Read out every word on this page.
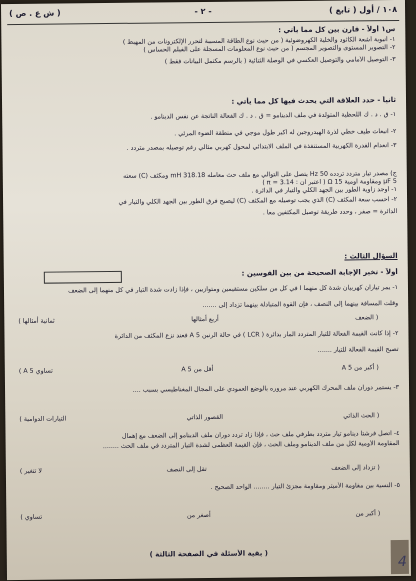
١٠٨ / أول ( تابع )
- ٢ -
( ش ع . ص )
س١ أولاً - قارن بين كل مما يأتي :
١- أنبوبة أشعة الكاثود والخلية الكهروضوئية ( من حيث نوع الطاقة المسببة لتحرر الإلكترونات من المهبط )
٢- التصوير المستوى والتصوير المجسم ( من حيث نوع المعلومات المسجلة على الفيلم الحساس )
٣- التوصيل الأمامي والتوصيل العكسي في الوصلة الثنائية ( بالرسم مكتمل البيانات فقط )
ثانياً - حدد العلاقة التي يحدث فيها كل مما يأتي :
١- ق . د . ك اللحظية المتولدة في ملف الدينامو = ق . د . ك الفعالة الناتجة عن نفس الدينامو .
٢- انبعاث طيف خطي لذرة الهيدروجين له أكبر طول موجي في منطقة الضوء المرئي .
٣- انعدام القدرة الكهربية المستنفذة في الملف الابتدائي لمحول كهربي مثالي رغم توصيله بمصدر متردد .
ج) مصدر تيار متردد تردده 50 Hz يتصل على التوالي مع ملف حث معامله 318.18 mH ومكثف (C) سعته
5 μF ومقاومة أومية Ω 15 ( اعتبر أن : π = 3.14 )
١- أوجد زاوية الطور بين الجهد الكلي والتيار في الدائرة .
٢- احسب سعة المكثف (C) الذي يجب توصيله مع المكثف (C) ليصبح فرق الطور بين الجهد الكلي والتيار في
الدائرة = صفر ، وحدد طريقة توصيل المكثفين معاً .
السؤال الثالث :
أولاً - تخير الإجابة الصحيحة من بين القوسين :
١- يمر تياران كهربيان شدة كل منهما I في كل من سلكين مستقيمين ومتوازيين ، فإذا زادت شدة التيار في كل منهما إلى الضعف
وقلت المسافة بينهما إلى النصف ، فإن القوة المتبادلة بينهما تزداد إلى .......
( الضعف
أربع أمثالها
ثمانية أمثالها )
٢- إذا كانت القيمة الفعالة للتيار المتردد المار بدائرة ( LCR ) في حالة الرنين 5 A فعند نزع المكثف من الدائرة
تصبح القيمة الفعالة للتيار .......
( أكبر من 5 A
أقل من 5 A
تساوي 5 A )
٣- يستمر دوران ملف المحرك الكهربي عند مروره بالوضع العمودي على المجال المغناطيسي بسبب ....
( الحث الذاتي
القصور الذاتي
التيارات الدوامية )
٤- اتصل فرشتا دينامو تيار متردد بطرفي ملف حث ، فإذا زاد تردد دوران ملف الدينامو إلى الضعف مع إهمال
المقاومة الأومية لكل من ملف الدينامو وملف الحث ، فإن القيمة العظمى لشدة التيار المتردد في ملف الحث ........
( تزداد إلى الضعف
تقل إلى النصف
لا تتغير )
٥- النسبة بين مقاومة الأميتر ومقاومة مجزئ التيار ........ الواحد الصحيح .
( أكبر من
أصغر من
تساوي )
( بقية الأسئلة في الصفحة الثالثة )	4
